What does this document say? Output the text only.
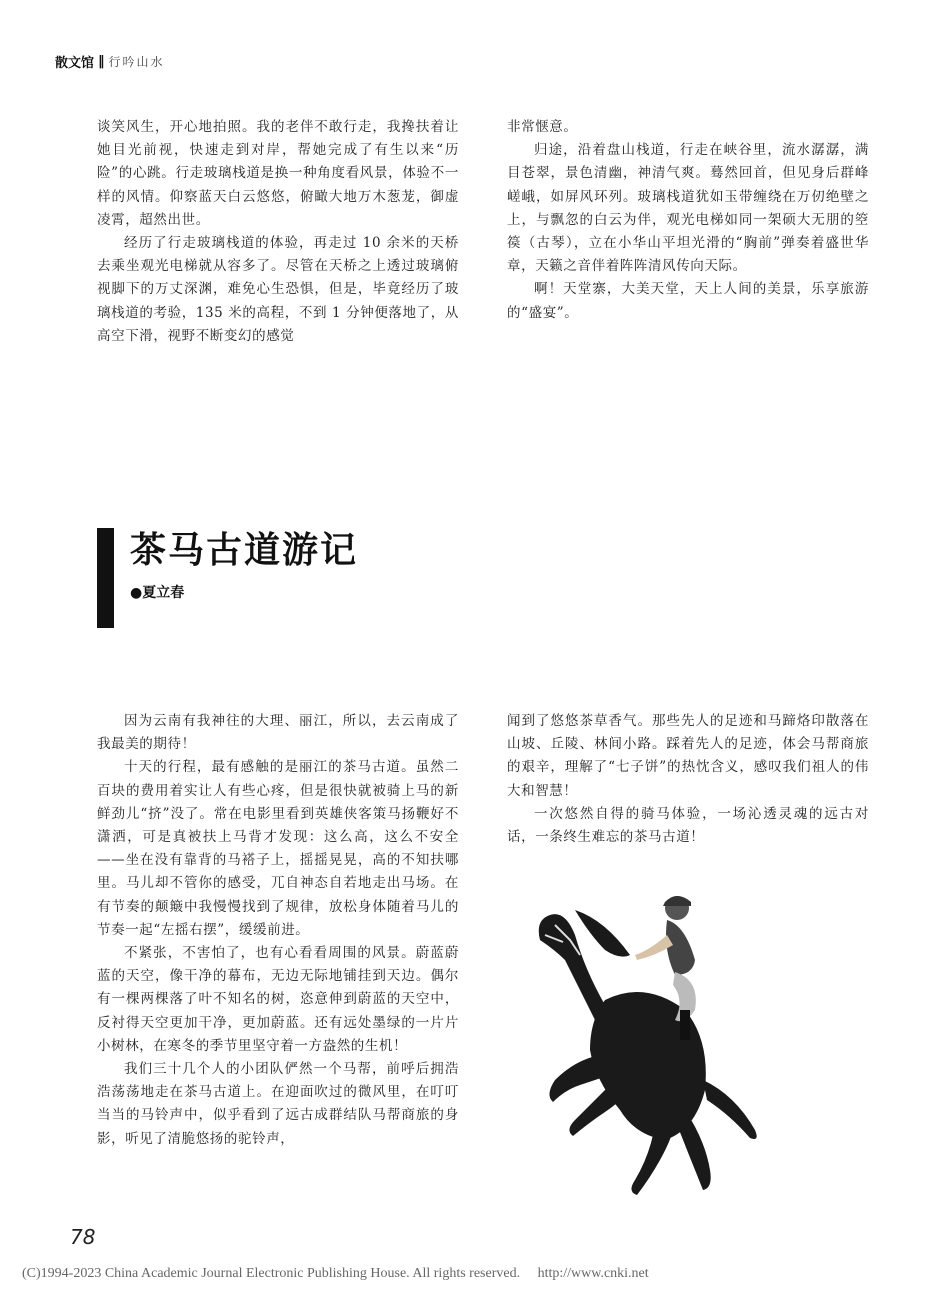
散文馆 ‖ 行吟山水

谈笑风生，开心地拍照。我的老伴不敢行走，我搀扶着让她目光前视，快速走到对岸，帮她完成了有生以来“历险”的心跳。行走玻璃栈道是换一种角度看风景，体验不一样的风情。仰察蓝天白云悠悠，俯瞰大地万木葱茏，御虚凌霄，超然出世。

经历了行走玻璃栈道的体验，再走过 10 余米的天桥去乘坐观光电梯就从容多了。尽管在天桥之上透过玻璃俯视脚下的万丈深渊，难免心生恐惧，但是，毕竟经历了玻璃栈道的考验，135 米的高程，不到 1 分钟便落地了，从高空下滑，视野不断变幻的感觉

非常惬意。

归途，沿着盘山栈道，行走在峡谷里，流水潺潺，满目苍翠，景色清幽，神清气爽。蓦然回首，但见身后群峰嵯峨，如屏风环列。玻璃栈道犹如玉带缠绕在万仞绝壁之上，与飘忽的白云为伴，观光电梯如同一架硕大无朋的箜篌（古琴），立在小华山平坦光滑的“胸前”弹奏着盛世华章，天籁之音伴着阵阵清风传向天际。

啊！天堂寨，大美天堂，天上人间的美景，乐享旅游的“盛宴”。

茶马古道游记
●夏立春

因为云南有我神往的大理、丽江，所以，去云南成了我最美的期待！

十天的行程，最有感触的是丽江的茶马古道。虽然二百块的费用着实让人有些心疼，但是很快就被骑上马的新鲜劲儿“挤”没了。常在电影里看到英雄侠客策马扬鞭好不潇洒，可是真被扶上马背才发现：这么高，这么不安全——坐在没有靠背的马褡子上，摇摇晃晃，高的不知扶哪里。马儿却不管你的感受，兀自神态自若地走出马场。在有节奏的颠簸中我慢慢找到了规律，放松身体随着马儿的节奏一起“左摇右摆”，缓缓前进。

不紧张，不害怕了，也有心看看周围的风景。蔚蓝蔚蓝的天空，像干净的幕布，无边无际地铺挂到天边。偶尔有一棵两棵落了叶不知名的树，恣意伸到蔚蓝的天空中，反衬得天空更加干净，更加蔚蓝。还有远处墨绿的一片片小树林，在寒冬的季节里坚守着一方盎然的生机！

我们三十几个人的小团队俨然一个马帮，前呼后拥浩浩荡荡地走在茶马古道上。在迎面吹过的微风里，在叮叮当当的马铃声中，似乎看到了远古成群结队马帮商旅的身影，听见了清脆悠扬的驼铃声，

闻到了悠悠茶草香气。那些先人的足迹和马蹄烙印散落在山坡、丘陵、林间小路。踩着先人的足迹，体会马帮商旅的艰辛，理解了“七子饼”的热忱含义，感叹我们祖人的伟大和智慧！

一次悠然自得的骑马体验，一场沁透灵魂的远古对话，一条终生难忘的茶马古道！

78
(C)1994-2023 China Academic Journal Electronic Publishing House. All rights reserved. http://www.cnki.net
